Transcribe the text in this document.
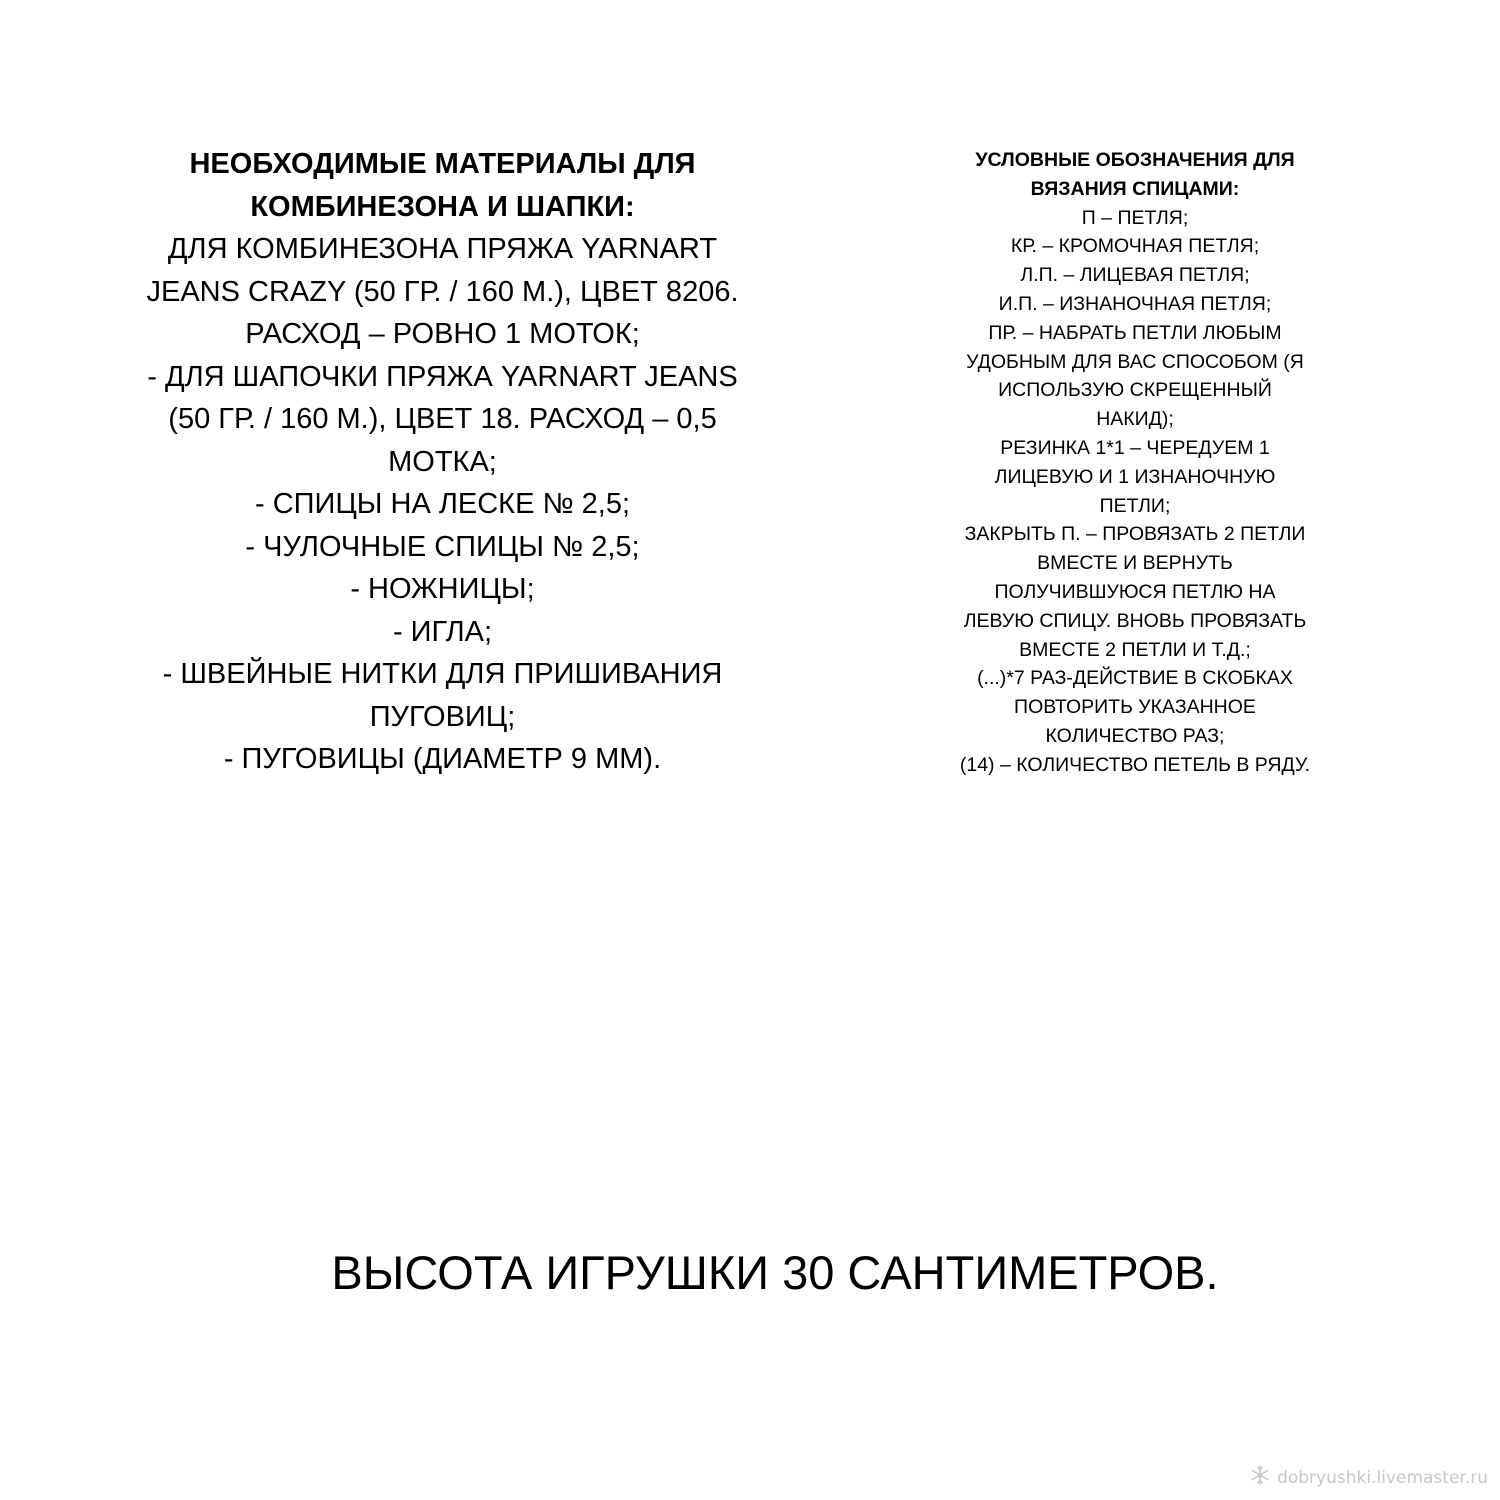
НЕОБХОДИМЫЕ МАТЕРИАЛЫ ДЛЯ
КОМБИНЕЗОНА И ШАПКИ:
ДЛЯ КОМБИНЕЗОНА ПРЯЖА YARNART
JEANS CRAZY (50 ГР. / 160 М.), ЦВЕТ 8206.
РАСХОД – РОВНО 1 МОТОК;
- ДЛЯ ШАПОЧКИ ПРЯЖА YARNART JEANS
(50 ГР. / 160 М.), ЦВЕТ 18. РАСХОД – 0,5
МОТКА;
- СПИЦЫ НА ЛЕСКЕ № 2,5;
- ЧУЛОЧНЫЕ СПИЦЫ № 2,5;
- НОЖНИЦЫ;
- ИГЛА;
- ШВЕЙНЫЕ НИТКИ ДЛЯ ПРИШИВАНИЯ
ПУГОВИЦ;
- ПУГОВИЦЫ (ДИАМЕТР 9 ММ).
УСЛОВНЫЕ ОБОЗНАЧЕНИЯ ДЛЯ
ВЯЗАНИЯ СПИЦАМИ:
П – ПЕТЛЯ;
КР. – КРОМОЧНАЯ ПЕТЛЯ;
Л.П. – ЛИЦЕВАЯ ПЕТЛЯ;
И.П. – ИЗНАНОЧНАЯ ПЕТЛЯ;
ПР. – НАБРАТЬ ПЕТЛИ ЛЮБЫМ
УДОБНЫМ ДЛЯ ВАС СПОСОБОМ (Я
ИСПОЛЬЗУЮ СКРЕЩЕННЫЙ
НАКИД);
РЕЗИНКА 1*1 – ЧЕРЕДУЕМ 1
ЛИЦЕВУЮ И 1 ИЗНАНОЧНУЮ
ПЕТЛИ;
ЗАКРЫТЬ П. – ПРОВЯЗАТЬ 2 ПЕТЛИ
ВМЕСТЕ И ВЕРНУТЬ
ПОЛУЧИВШУЮСЯ ПЕТЛЮ НА
ЛЕВУЮ СПИЦУ. ВНОВЬ ПРОВЯЗАТЬ
ВМЕСТЕ 2 ПЕТЛИ И Т.Д.;
(...)*7 РАЗ-ДЕЙСТВИЕ В СКОБКАХ
ПОВТОРИТЬ УКАЗАННОЕ
КОЛИЧЕСТВО РАЗ;
(14) – КОЛИЧЕСТВО ПЕТЕЛЬ В РЯДУ.
ВЫСОТА ИГРУШКИ 30 САНТИМЕТРОВ.
dobryushki.livemaster.ru
